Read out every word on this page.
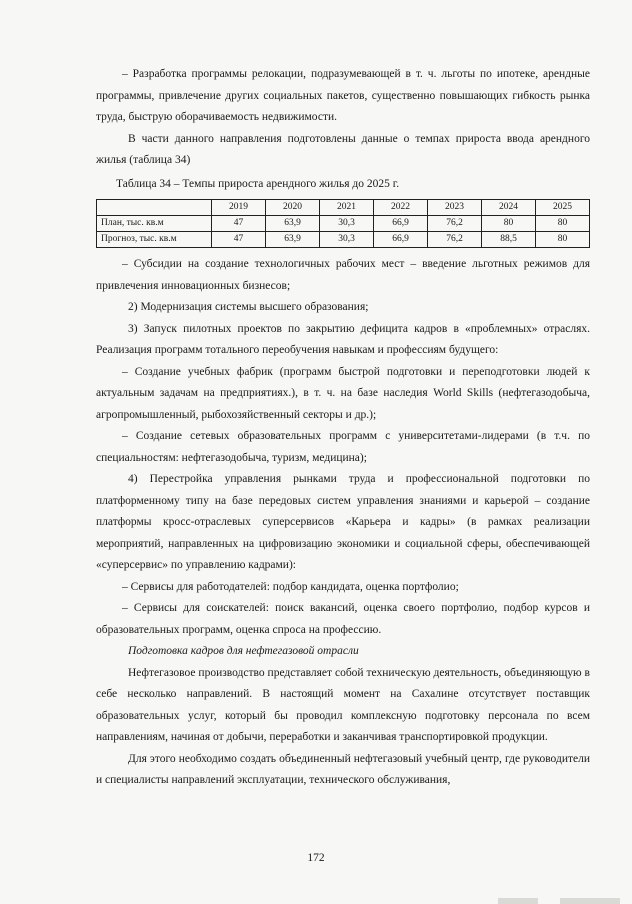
– Разработка программы релокации, подразумевающей в т. ч. льготы по ипотеке, арендные программы, привлечение других социальных пакетов, существенно повышающих гибкость рынка труда, быструю оборачиваемость недвижимости.

В части данного направления подготовлены данные о темпах прироста ввода арендного жилья (таблица 34)

Таблица 34 – Темпы прироста арендного жилья до 2025 г.

	2019	2020	2021	2022	2023	2024	2025
План, тыс. кв.м	47	63,9	30,3	66,9	76,2	80	80
Прогноз, тыс. кв.м	47	63,9	30,3	66,9	76,2	88,5	80

– Субсидии на создание технологичных рабочих мест – введение льготных режимов для привлечения инновационных бизнесов;

2) Модернизация системы высшего образования;

3) Запуск пилотных проектов по закрытию дефицита кадров в «проблемных» отраслях. Реализация программ тотального переобучения навыкам и профессиям будущего:

– Создание учебных фабрик (программ быстрой подготовки и переподготовки людей к актуальным задачам на предприятиях.), в т. ч. на базе наследия World Skills (нефтегазодобыча, агропромышленный, рыбохозяйственный секторы и др.);

– Создание сетевых образовательных программ с университетами-лидерами (в т.ч. по специальностям: нефтегазодобыча, туризм, медицина);

4) Перестройка управления рынками труда и профессиональной подготовки по платформенному типу на базе передовых систем управления знаниями и карьерой – создание платформы кросс-отраслевых суперсервисов «Карьера и кадры» (в рамках реализации мероприятий, направленных на цифровизацию экономики и социальной сферы, обеспечивающей «суперсервис» по управлению кадрами):

– Сервисы для работодателей: подбор кандидата, оценка портфолио;

– Сервисы для соискателей: поиск вакансий, оценка своего портфолио, подбор курсов и образовательных программ, оценка спроса на профессию.

Подготовка кадров для нефтегазовой отрасли

Нефтегазовое производство представляет собой техническую деятельность, объединяющую в себе несколько направлений. В настоящий момент на Сахалине отсутствует поставщик образовательных услуг, который бы проводил комплексную подготовку персонала по всем направлениям, начиная от добычи, переработки и заканчивая транспортировкой продукции.

Для этого необходимо создать объединенный нефтегазовый учебный центр, где руководители и специалисты направлений эксплуатации, технического обслуживания,

172
